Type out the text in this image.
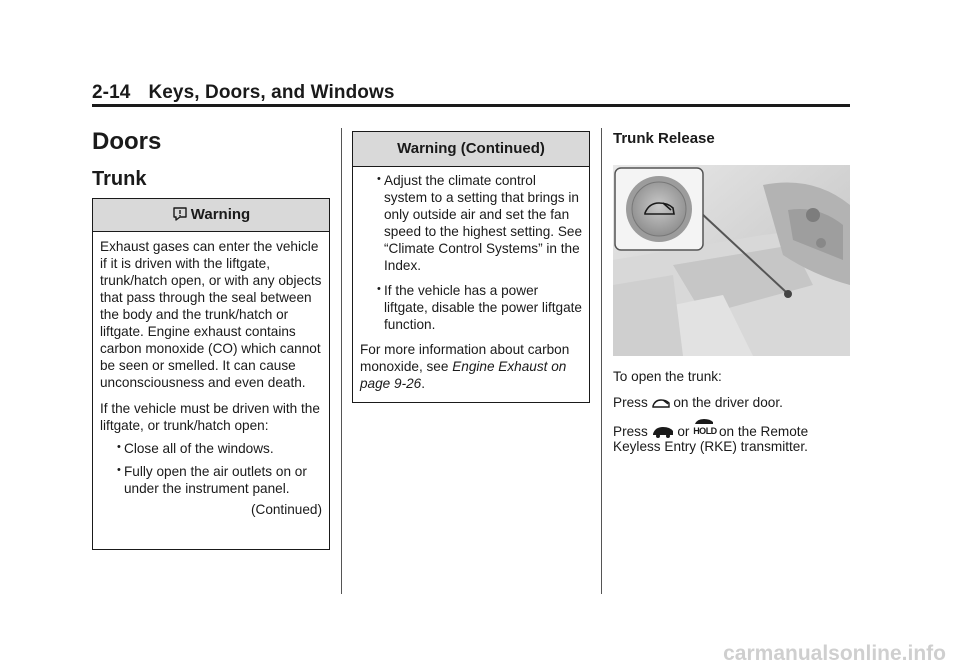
2-14 Keys, Doors, and Windows
Doors
Trunk
Warning

Exhaust gases can enter the vehicle if it is driven with the liftgate, trunk/hatch open, or with any objects that pass through the seal between the body and the trunk/hatch or liftgate. Engine exhaust contains carbon monoxide (CO) which cannot be seen or smelled. It can cause unconsciousness and even death.

If the vehicle must be driven with the liftgate, or trunk/hatch open:

• Close all of the windows.
• Fully open the air outlets on or under the instrument panel.

(Continued)

Warning (Continued)
• Adjust the climate control system to a setting that brings in only outside air and set the fan speed to the highest setting. See “Climate Control Systems” in the Index.
• If the vehicle has a power liftgate, disable the power liftgate function.

For more information about carbon monoxide, see Engine Exhaust on page 9-26.

Trunk Release
To open the trunk:
Press on the driver door.
Press or HOLD on the Remote
Keyless Entry (RKE) transmitter.
carmanualsonline.info
